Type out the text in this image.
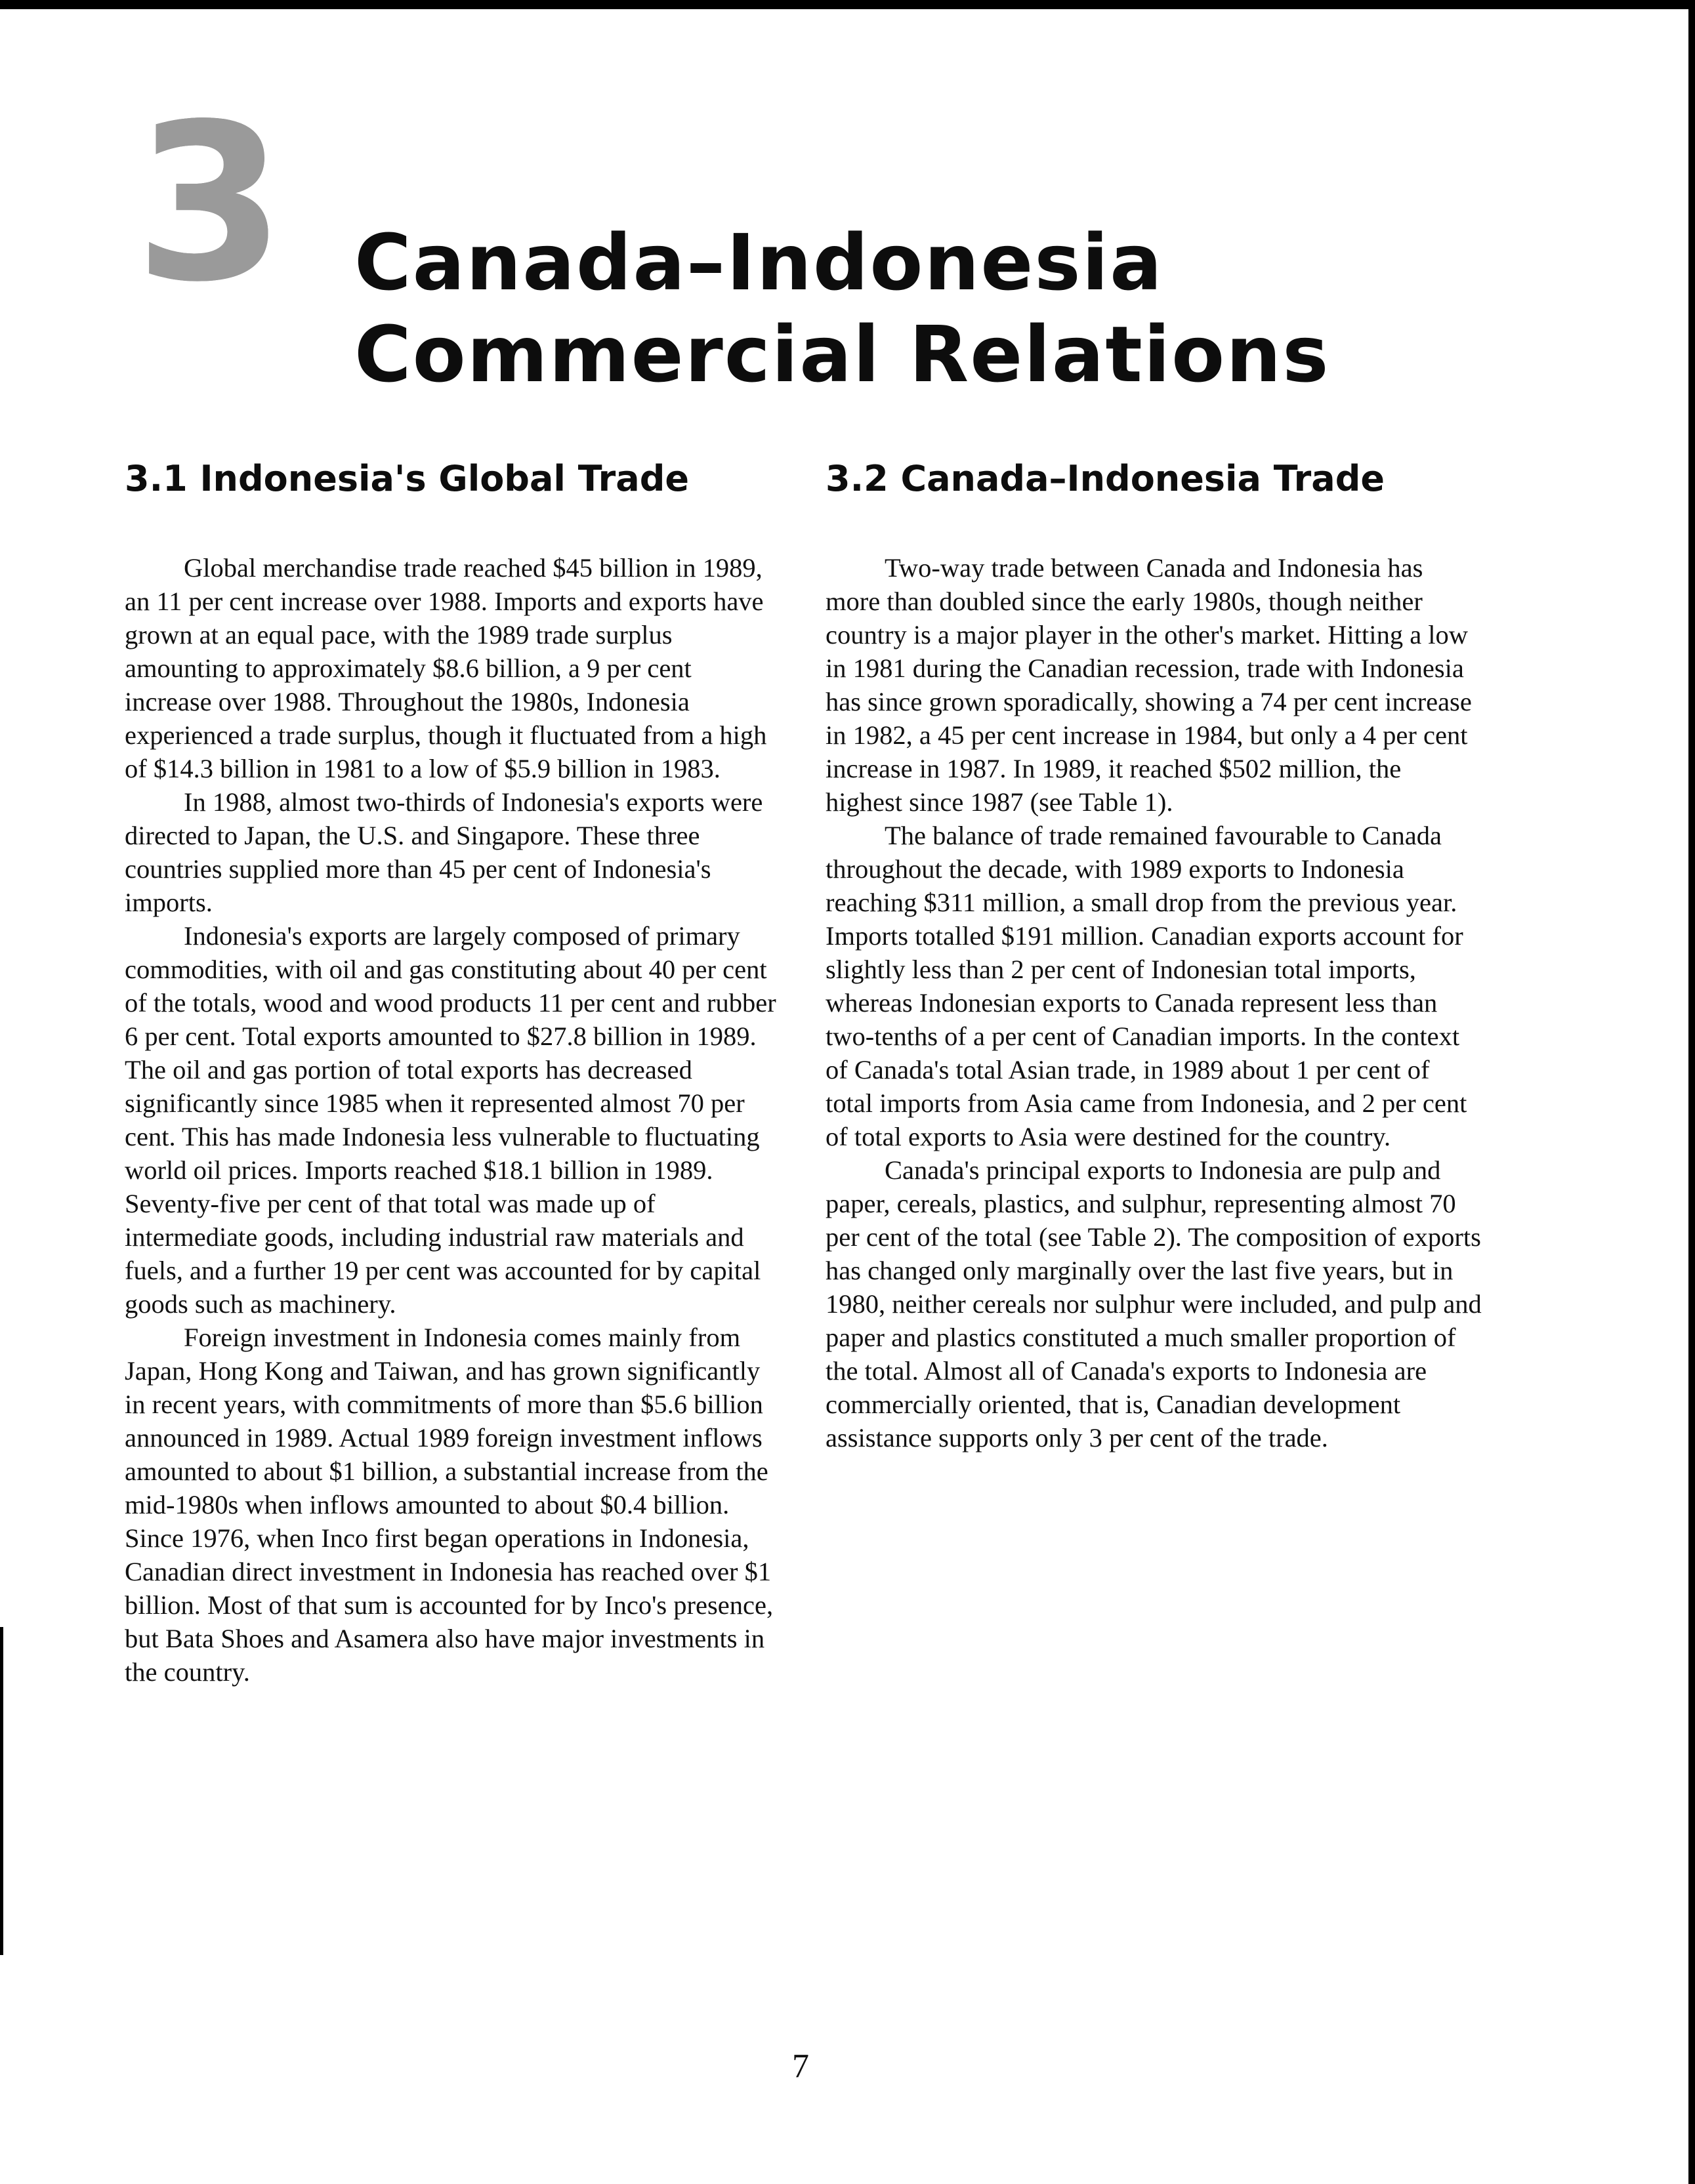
3 Canada–Indonesia
Commercial Relations
3.1 Indonesia's Global Trade

Global merchandise trade reached $45 billion in 1989, an 11 per cent increase over 1988. Imports and exports have grown at an equal pace, with the 1989 trade surplus amounting to approximately $8.6 billion, a 9 per cent increase over 1988. Throughout the 1980s, Indonesia experienced a trade surplus, though it fluctuated from a high of $14.3 billion in 1981 to a low of $5.9 billion in 1983.

In 1988, almost two-thirds of Indonesia's exports were directed to Japan, the U.S. and Singapore. These three countries supplied more than 45 per cent of Indonesia's imports.

Indonesia's exports are largely composed of primary commodities, with oil and gas constituting about 40 per cent of the totals, wood and wood products 11 per cent and rubber 6 per cent. Total exports amounted to $27.8 billion in 1989. The oil and gas portion of total exports has decreased significantly since 1985 when it represented almost 70 per cent. This has made Indonesia less vulnerable to fluctuating world oil prices. Imports reached $18.1 billion in 1989. Seventy-five per cent of that total was made up of intermediate goods, including industrial raw materials and fuels, and a further 19 per cent was accounted for by capital goods such as machinery.

Foreign investment in Indonesia comes mainly from Japan, Hong Kong and Taiwan, and has grown significantly in recent years, with commitments of more than $5.6 billion announced in 1989. Actual 1989 foreign investment inflows amounted to about $1 billion, a substantial increase from the mid-1980s when inflows amounted to about $0.4 billion. Since 1976, when Inco first began operations in Indonesia, Canadian direct investment in Indonesia has reached over $1 billion. Most of that sum is accounted for by Inco's presence, but Bata Shoes and Asamera also have major investments in the country.

3.2 Canada–Indonesia Trade

Two-way trade between Canada and Indonesia has more than doubled since the early 1980s, though neither country is a major player in the other's market. Hitting a low in 1981 during the Canadian recession, trade with Indonesia has since grown sporadically, showing a 74 per cent increase in 1982, a 45 per cent increase in 1984, but only a 4 per cent increase in 1987. In 1989, it reached $502 million, the highest since 1987 (see Table 1).

The balance of trade remained favourable to Canada throughout the decade, with 1989 exports to Indonesia reaching $311 million, a small drop from the previous year. Imports totalled $191 million. Canadian exports account for slightly less than 2 per cent of Indonesian total imports, whereas Indonesian exports to Canada represent less than two-tenths of a per cent of Canadian imports. In the context of Canada's total Asian trade, in 1989 about 1 per cent of total imports from Asia came from Indonesia, and 2 per cent of total exports to Asia were destined for the country.

Canada's principal exports to Indonesia are pulp and paper, cereals, plastics, and sulphur, representing almost 70 per cent of the total (see Table 2). The composition of exports has changed only marginally over the last five years, but in 1980, neither cereals nor sulphur were included, and pulp and paper and plastics constituted a much smaller proportion of the total. Almost all of Canada's exports to Indonesia are commercially oriented, that is, Canadian development assistance supports only 3 per cent of the trade.

7
